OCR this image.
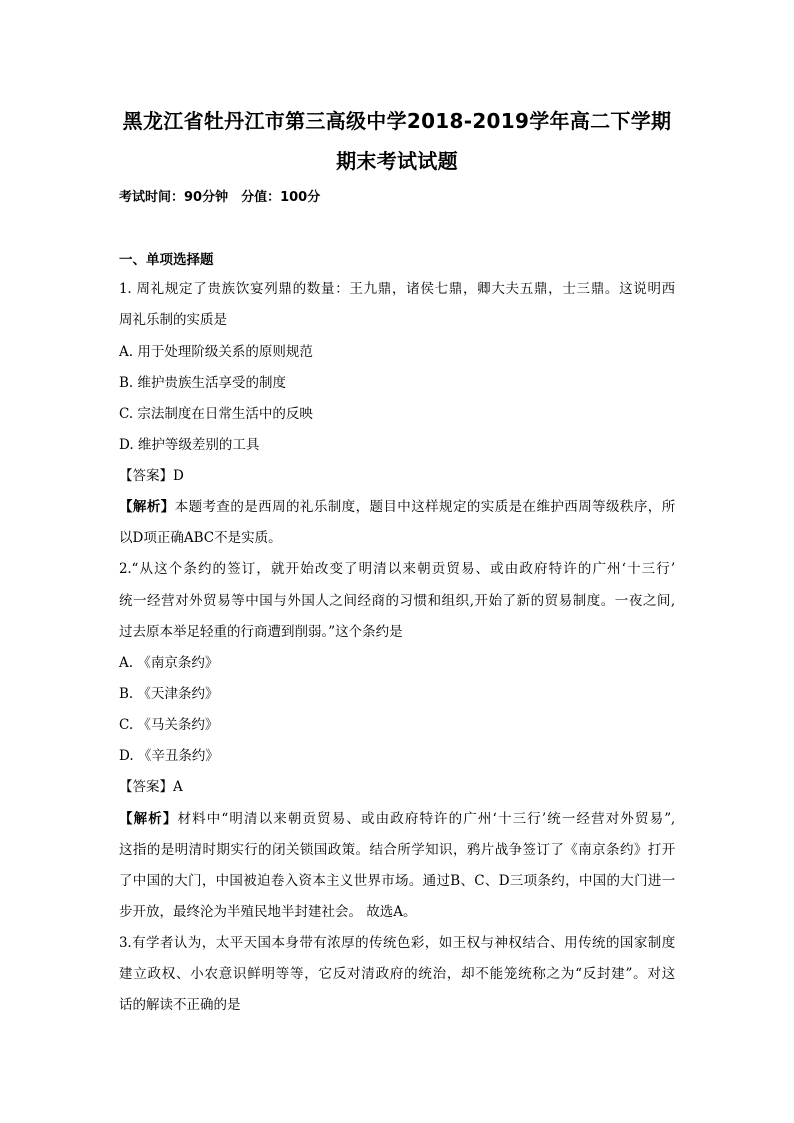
黑龙江省牡丹江市第三高级中学2018-2019学年高二下学期
期末考试试题
考试时间：90分钟　分值：100分
一、单项选择题
1. 周礼规定了贵族饮宴列鼎的数量：王九鼎，诸侯七鼎，卿大夫五鼎，士三鼎。这说明西
周礼乐制的实质是
A. 用于处理阶级关系的原则规范
B. 维护贵族生活享受的制度
C. 宗法制度在日常生活中的反映
D. 维护等级差别的工具
【答案】D
【解析】本题考查的是西周的礼乐制度，题目中这样规定的实质是在维护西周等级秩序，所
以D项正确ABC不是实质。
2.“从这个条约的签订，就开始改变了明清以来朝贡贸易、或由政府特许的广州‘十三行’
统一经营对外贸易等中国与外国人之间经商的习惯和组织,开始了新的贸易制度。一夜之间,
过去原本举足轻重的行商遭到削弱。”这个条约是
A. 《南京条约》
B. 《天津条约》
C. 《马关条约》
D. 《辛丑条约》
【答案】A
【解析】材料中“明清以来朝贡贸易、或由政府特许的广州‘十三行’统一经营对外贸易”,
这指的是明清时期实行的闭关锁国政策。结合所学知识，鸦片战争签订了《南京条约》打开
了中国的大门，中国被迫卷入资本主义世界市场。通过B、C、D三项条约，中国的大门进一
步开放，最终沦为半殖民地半封建社会。 故选A。
3.有学者认为，太平天国本身带有浓厚的传统色彩，如王权与神权结合、用传统的国家制度
建立政权、小农意识鲜明等等，它反对清政府的统治，却不能笼统称之为“反封建”。对这
话的解读不正确的是
